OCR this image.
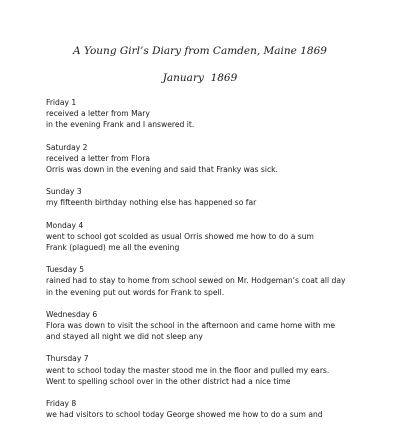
A Young Girl’s Diary from Camden, Maine 1869
January  1869
Friday 1
received a letter from Mary
in the evening Frank and I answered it.
Saturday 2
received a letter from Flora
Orris was down in the evening and said that Franky was sick.
Sunday 3
my fifteenth birthday nothing else has happened so far
Monday 4
went to school got scolded as usual Orris showed me how to do a sum
Frank (plagued) me all the evening
Tuesday 5
rained had to stay to home from school sewed on Mr. Hodgeman’s coat all day
in the evening put out words for Frank to spell.
Wednesday 6
Flora was down to visit the school in the afternoon and came home with me
and stayed all night we did not sleep any
Thursday 7
went to school today the master stood me in the floor and pulled my ears.
Went to spelling school over in the other district had a nice time
Friday 8
we had visitors to school today George showed me how to do a sum and
